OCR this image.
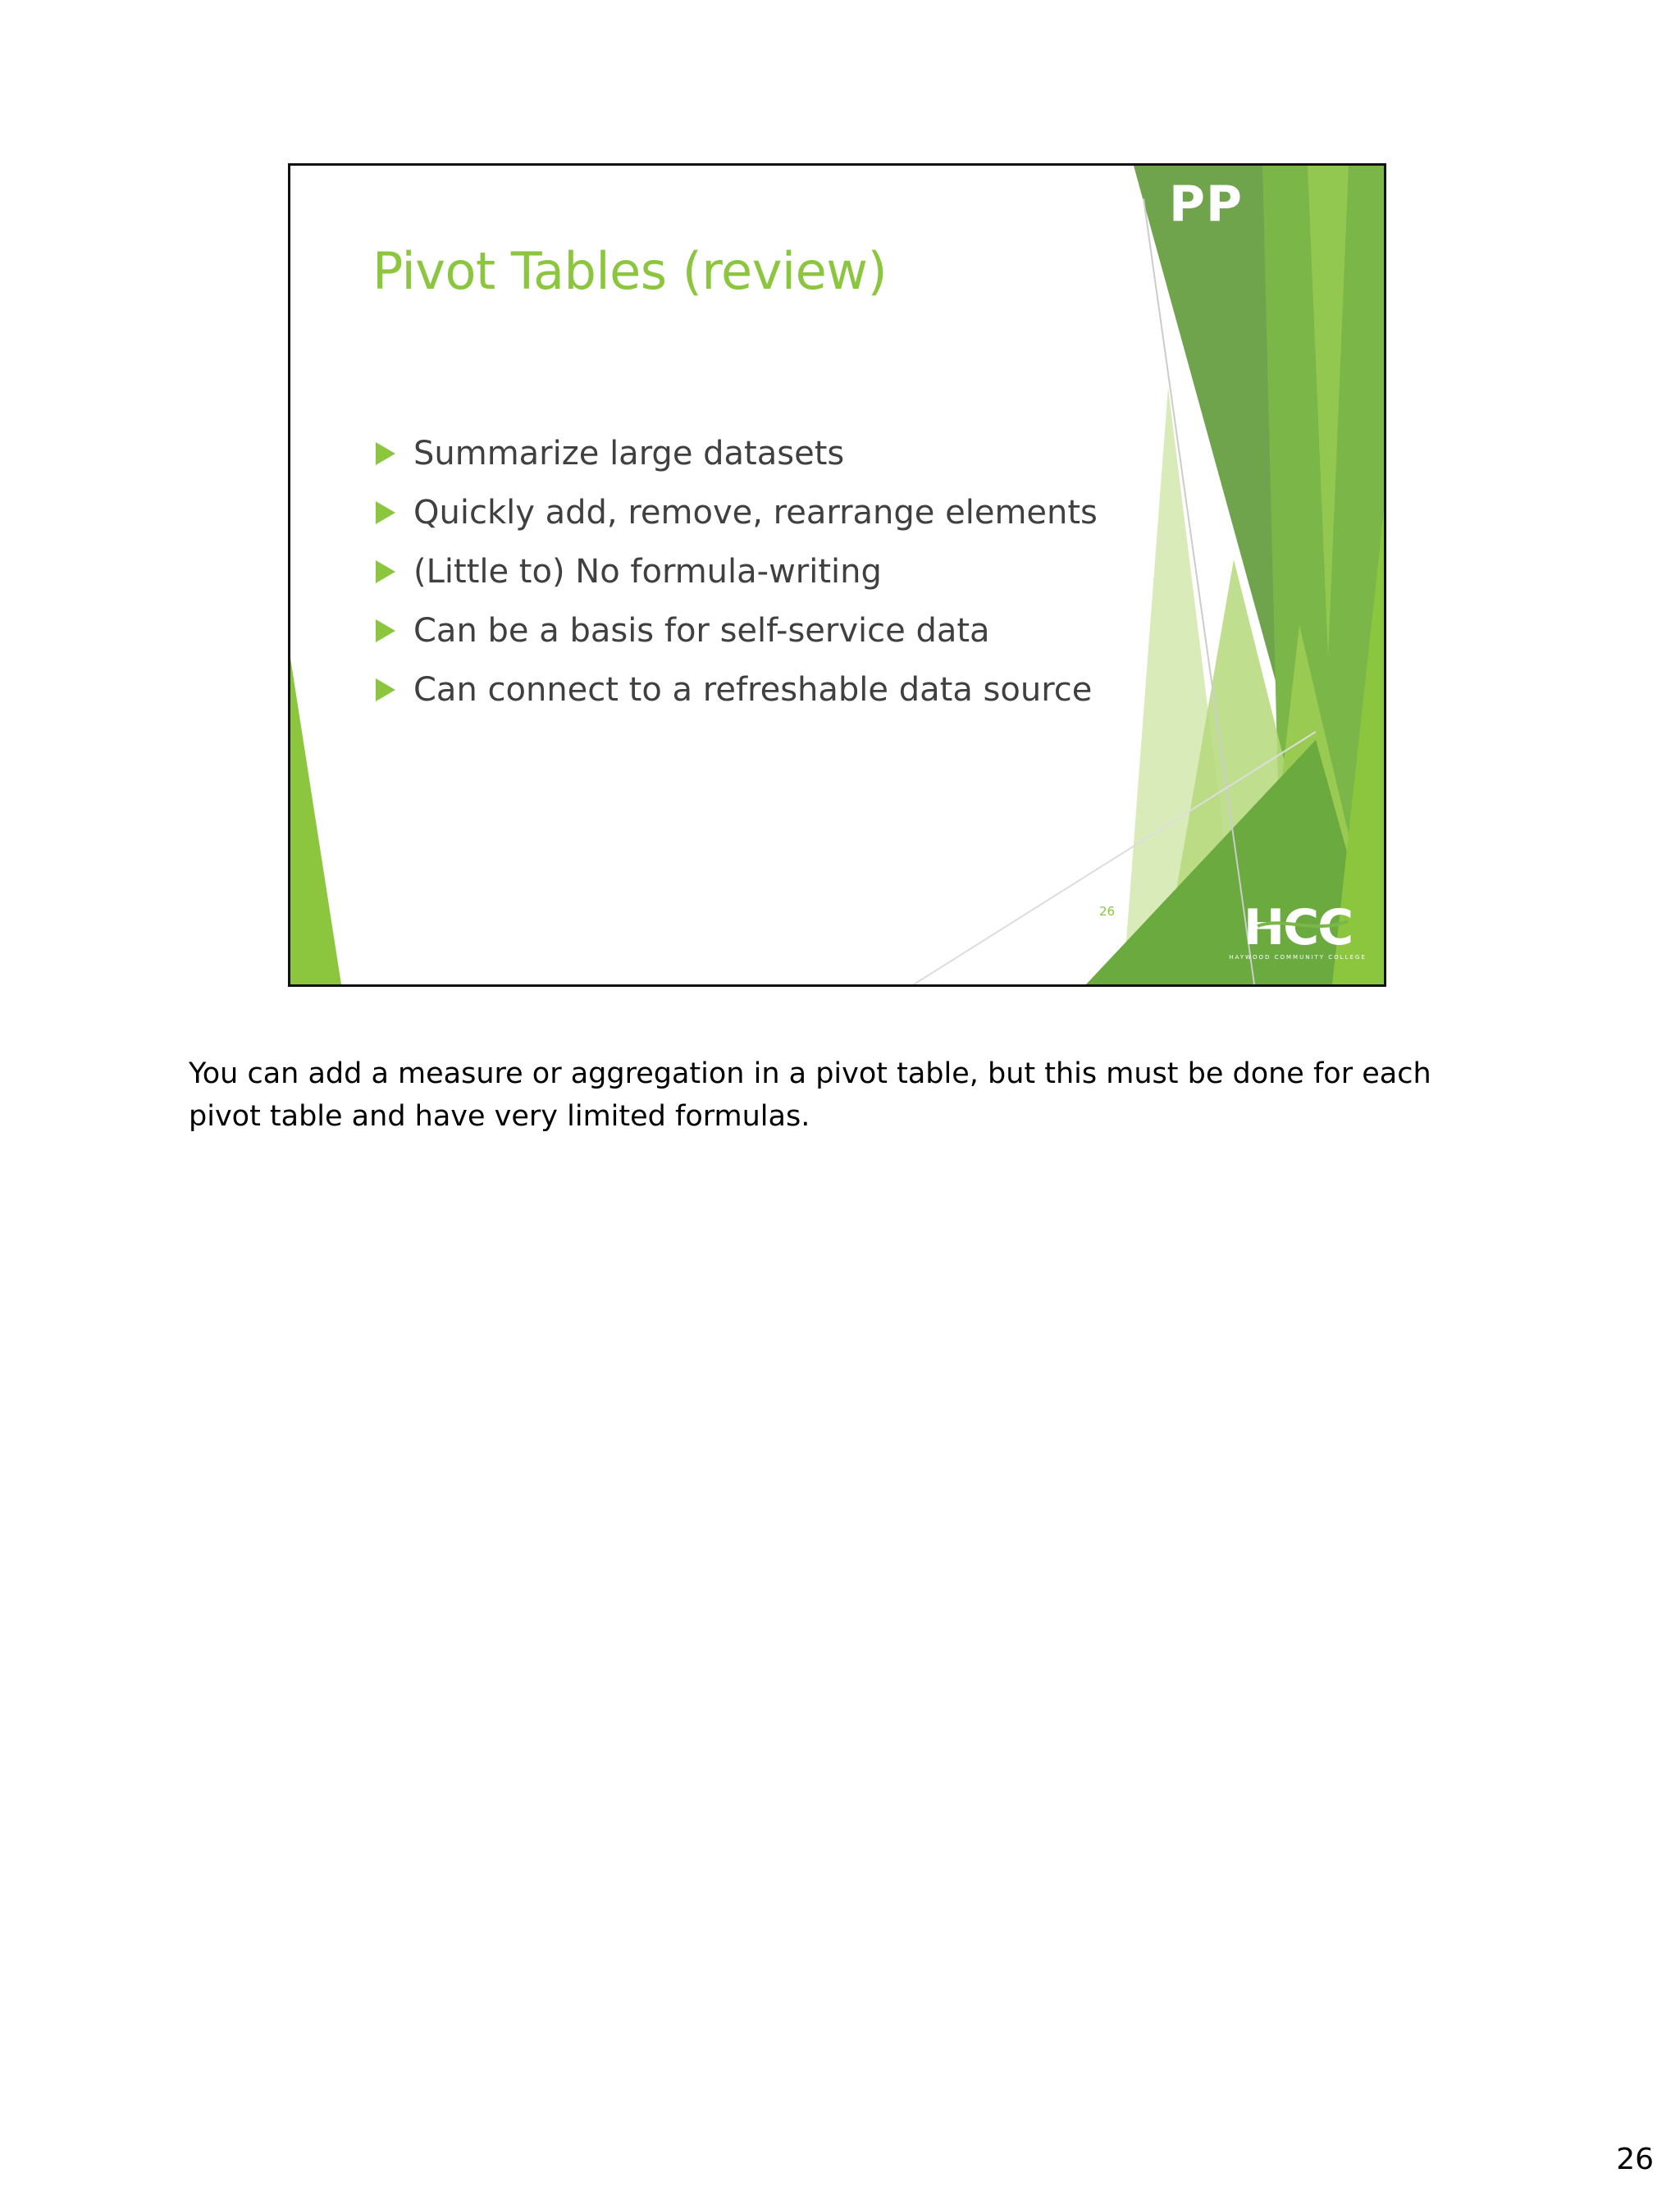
Pivot Tables (review)
Summarize large datasets
Quickly add, remove, rearrange elements
(Little to) No formula-writing
Can be a basis for self-service data
Can connect to a refreshable data source
PP
26	HCC
HAYWOOD COMMUNITY COLLEGE

You can add a measure or aggregation in a pivot table, but this must be done for each pivot table and have very limited formulas.

26
